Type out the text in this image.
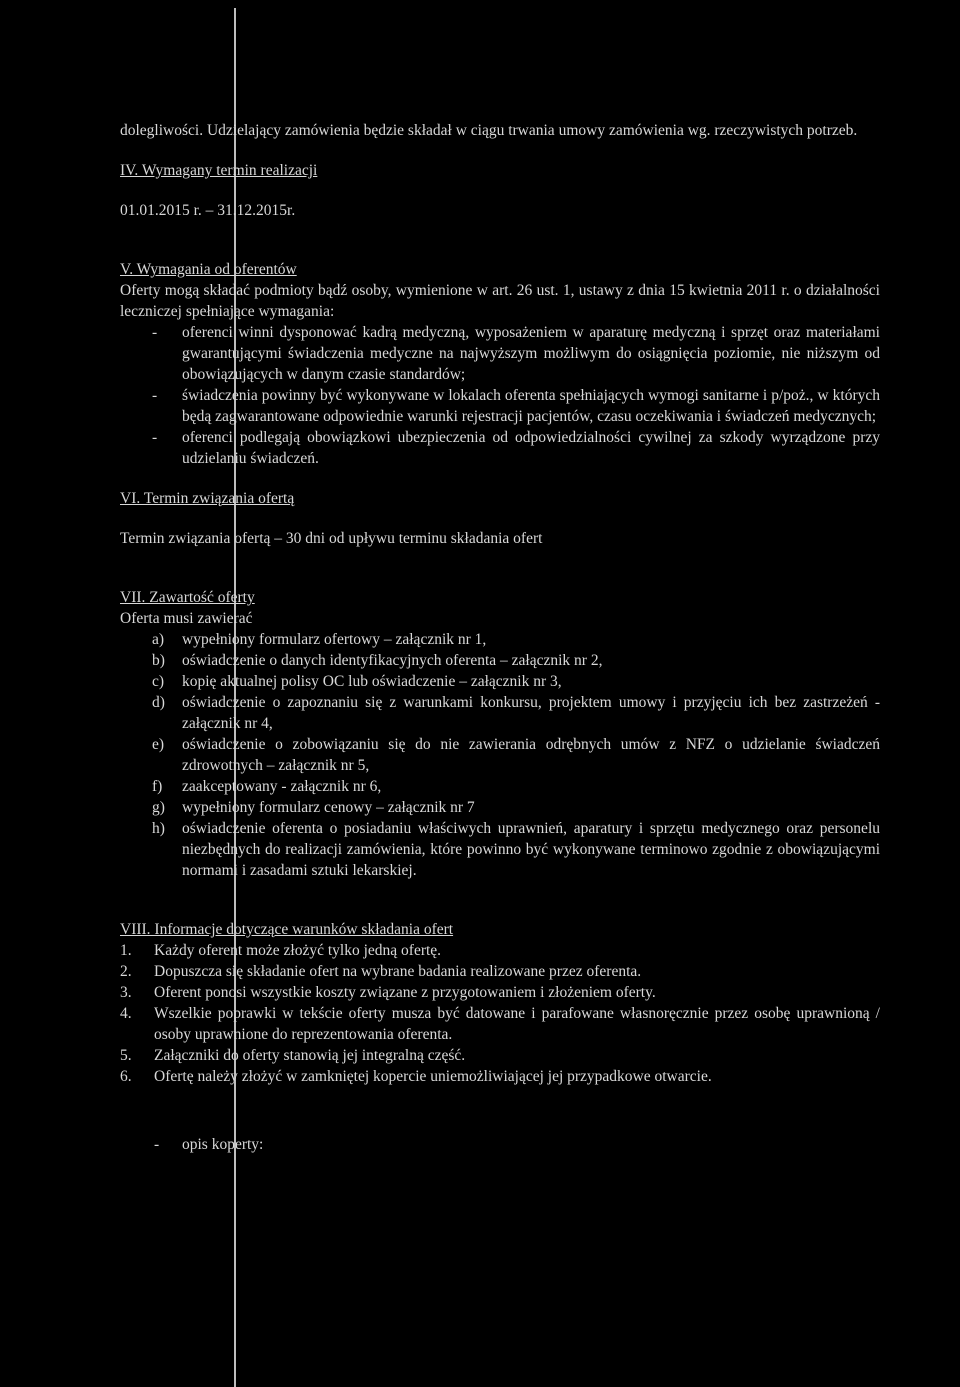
dolegliwości. Udzielający zamówienia będzie składał w ciągu trwania umowy zamówienia wg. rzeczywistych potrzeb.

IV. Wymagany termin realizacji

01.01.2015 r. – 31.12.2015r.

V. Wymagania od oferentów

Oferty mogą składać podmioty bądź osoby, wymienione w art. 26 ust. 1, ustawy z dnia 15 kwietnia 2011 r. o działalności leczniczej spełniające wymagania:

- oferenci winni dysponować kadrą medyczną, wyposażeniem w aparaturę medyczną i sprzęt oraz materiałami gwarantującymi świadczenia medyczne na najwyższym możliwym do osiągnięcia poziomie, nie niższym od obowiązujących w danym czasie standardów;
- świadczenia powinny być wykonywane w lokalach oferenta spełniających wymogi sanitarne i p/poż., w których będą zagwarantowane odpowiednie warunki rejestracji pacjentów, czasu oczekiwania i świadczeń medycznych;
- oferenci podlegają obowiązkowi ubezpieczenia od odpowiedzialności cywilnej za szkody wyrządzone przy udzielaniu świadczeń.

VI. Termin związania ofertą

Termin związania ofertą – 30 dni od upływu terminu składania ofert

VII. Zawartość oferty

Oferta musi zawierać

a) wypełniony formularz ofertowy – załącznik nr 1,
b) oświadczenie o danych identyfikacyjnych oferenta – załącznik nr 2,
c) kopię aktualnej polisy OC lub oświadczenie – załącznik nr 3,
d) oświadczenie o zapoznaniu się z warunkami konkursu, projektem umowy i przyjęciu ich bez zastrzeżeń - załącznik nr 4,
e) oświadczenie o zobowiązaniu się do nie zawierania odrębnych umów z NFZ o udzielanie świadczeń zdrowotnych – załącznik nr 5,
f) zaakceptowany - załącznik nr 6,
g) wypełniony formularz cenowy – załącznik nr 7
h) oświadczenie oferenta o posiadaniu właściwych uprawnień, aparatury i sprzętu medycznego oraz personelu niezbędnych do realizacji zamówienia, które powinno być wykonywane terminowo zgodnie z obowiązującymi normami i zasadami sztuki lekarskiej.

VIII. Informacje dotyczące warunków składania ofert

1. Każdy oferent może złożyć tylko jedną ofertę.
2. Dopuszcza się składanie ofert na wybrane badania realizowane przez oferenta.
3. Oferent ponosi wszystkie koszty związane z przygotowaniem i złożeniem oferty.
4. Wszelkie poprawki w tekście oferty musza być datowane i parafowane własnoręcznie przez osobę uprawnioną / osoby uprawnione do reprezentowania oferenta.
5. Załączniki do oferty stanowią jej integralną część.
6. Ofertę należy złożyć w zamkniętej kopercie uniemożliwiającej jej przypadkowe otwarcie.

- opis koperty:
